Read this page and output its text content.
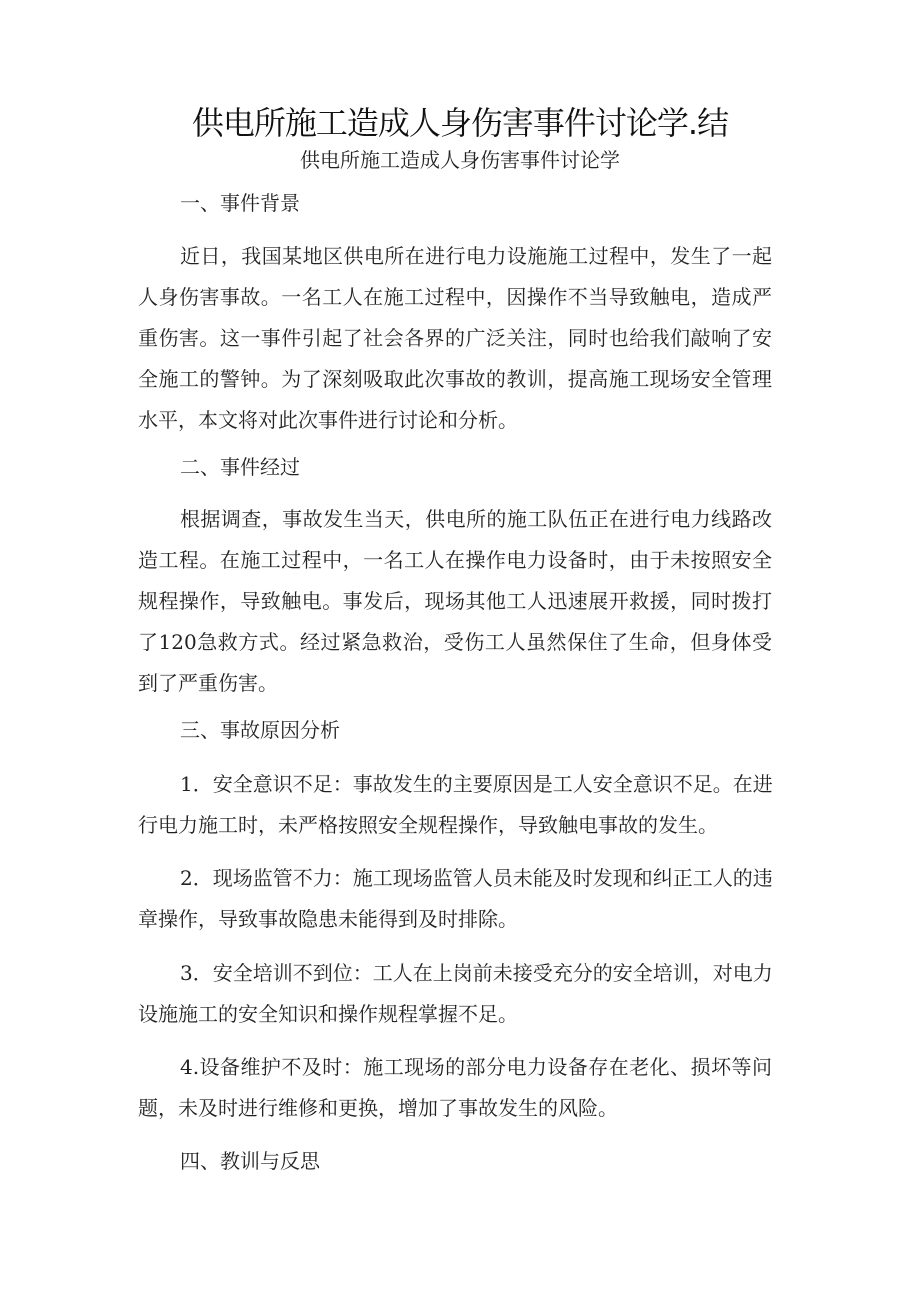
供电所施工造成人身伤害事件讨论学.结
供电所施工造成人身伤害事件讨论学
一、事件背景
近日，我国某地区供电所在进行电力设施施工过程中，发生了一起
人身伤害事故。一名工人在施工过程中，因操作不当导致触电，造成严
重伤害。这一事件引起了社会各界的广泛关注，同时也给我们敲响了安
全施工的警钟。为了深刻吸取此次事故的教训，提高施工现场安全管理
水平，本文将对此次事件进行讨论和分析。
二、事件经过
根据调查，事故发生当天，供电所的施工队伍正在进行电力线路改
造工程。在施工过程中，一名工人在操作电力设备时，由于未按照安全
规程操作，导致触电。事发后，现场其他工人迅速展开救援，同时拨打
了120急救方式。经过紧急救治，受伤工人虽然保住了生命，但身体受
到了严重伤害。
三、事故原因分析
1．安全意识不足：事故发生的主要原因是工人安全意识不足。在进
行电力施工时，未严格按照安全规程操作，导致触电事故的发生。
2．现场监管不力：施工现场监管人员未能及时发现和纠正工人的违
章操作，导致事故隐患未能得到及时排除。
3．安全培训不到位：工人在上岗前未接受充分的安全培训，对电力
设施施工的安全知识和操作规程掌握不足。
4.设备维护不及时：施工现场的部分电力设备存在老化、损坏等问
题，未及时进行维修和更换，增加了事故发生的风险。
四、教训与反思
